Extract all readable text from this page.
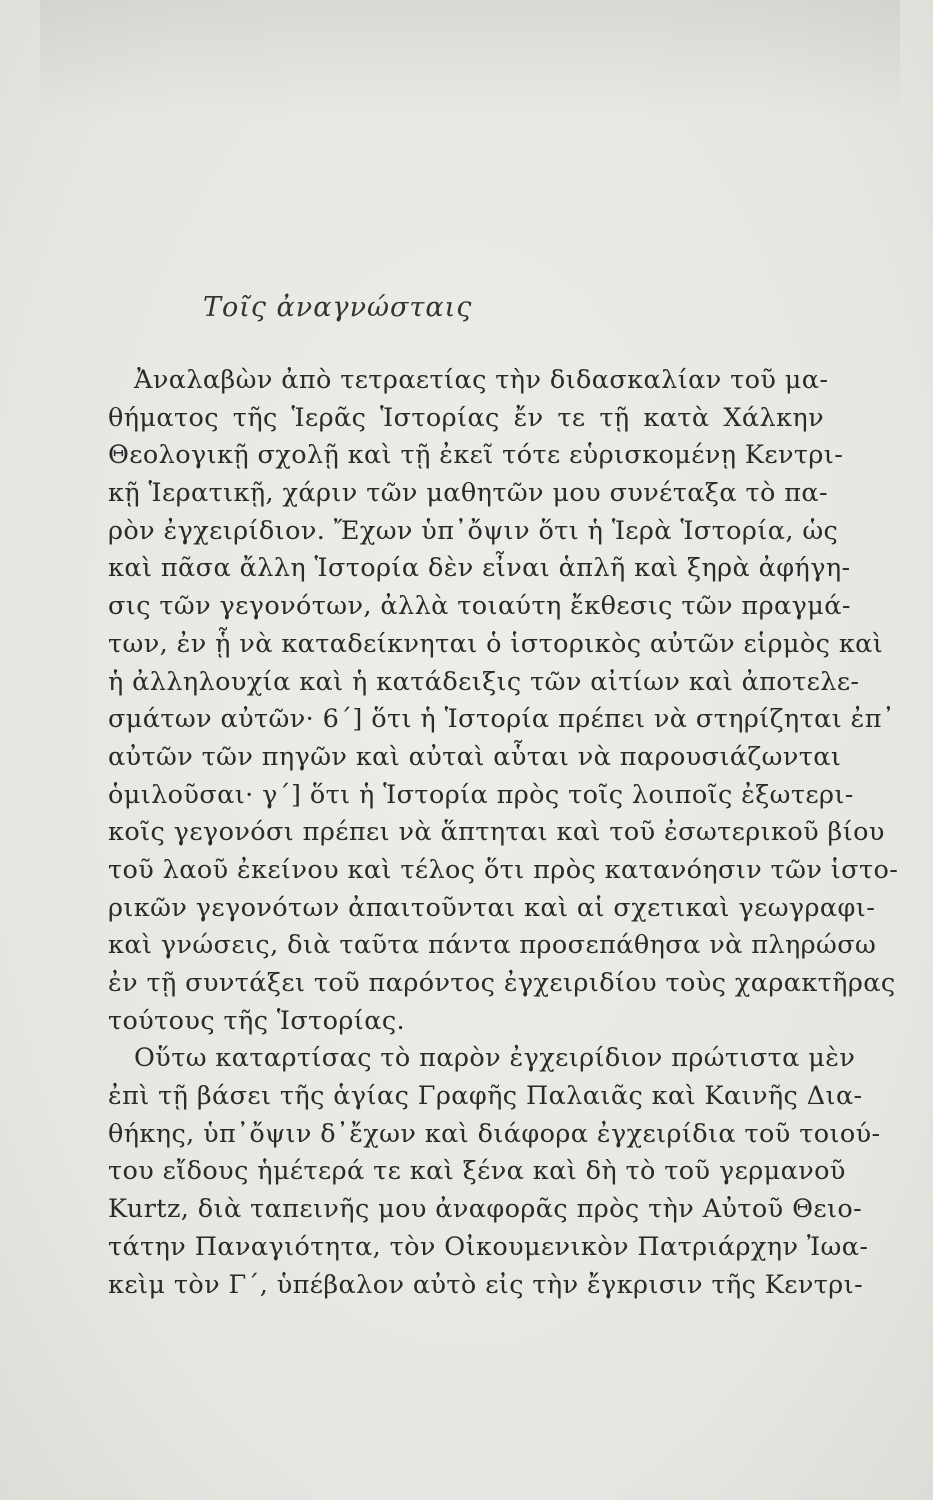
Τοῖς ἀναγνώσταις
Ἀναλαβὼν ἀπὸ τετραετίας τὴν διδασκαλίαν τοῦ μα-
θήματος τῆς Ἱερᾶς Ἱστορίας ἔν τε τῇ κατὰ Χάλκην
Θεολογικῇ σχολῇ καὶ τῇ ἐκεῖ τότε εὑρισκομένῃ Κεντρι-
κῇ Ἱερατικῇ, χάριν τῶν μαθητῶν μου συνέταξα τὸ πα-
ρὸν ἐγχειρίδιον. Ἔχων ὑπ᾿ὄψιν ὅτι ἡ Ἱερὰ Ἱστορία, ὡς
καὶ πᾶσα ἄλλη Ἱστορία δὲν εἶναι ἁπλῆ καὶ ξηρὰ ἀφήγη-
σις τῶν γεγονότων, ἀλλὰ τοιαύτη ἔκθεσις τῶν πραγμά-
των, ἐν ᾗ νὰ καταδείκνηται ὁ ἱστορικὸς αὐτῶν εἱρμὸς καὶ
ἡ ἀλληλουχία καὶ ἡ κατάδειξις τῶν αἰτίων καὶ ἀποτελε-
σμάτων αὐτῶν· 6΄] ὅτι ἡ Ἱστορία πρέπει νὰ στηρίζηται ἐπ᾿
αὐτῶν τῶν πηγῶν καὶ αὐταὶ αὗται νὰ παρουσιάζωνται
ὁμιλοῦσαι· γ΄] ὅτι ἡ Ἱστορία πρὸς τοῖς λοιποῖς ἐξωτερι-
κοῖς γεγονόσι πρέπει νὰ ἅπτηται καὶ τοῦ ἐσωτερικοῦ βίου
τοῦ λαοῦ ἐκείνου καὶ τέλος ὅτι πρὸς κατανόησιν τῶν ἱστο-
ρικῶν γεγονότων ἀπαιτοῦνται καὶ αἱ σχετικαὶ γεωγραφι-
καὶ γνώσεις, διὰ ταῦτα πάντα προσεπάθησα νὰ πληρώσω
ἐν τῇ συντάξει τοῦ παρόντος ἐγχειριδίου τοὺς χαρακτῆρας
τούτους τῆς Ἱστορίας.
Οὕτω καταρτίσας τὸ παρὸν ἐγχειρίδιον πρώτιστα μὲν
ἐπὶ τῇ βάσει τῆς ἁγίας Γραφῆς Παλαιᾶς καὶ Καινῆς Δια-
θήκης, ὑπ᾿ὄψιν δ᾿ἔχων καὶ διάφορα ἐγχειρίδια τοῦ τοιού-
του εἴδους ἡμέτερά τε καὶ ξένα καὶ δὴ τὸ τοῦ γερμανοῦ
Kurtz, διὰ ταπεινῆς μου ἀναφορᾶς πρὸς τὴν Αὐτοῦ Θειο-
τάτην Παναγιότητα, τὸν Οἰκουμενικὸν Πατριάρχην Ἰωα-
κεὶμ τὸν Γ΄, ὑπέβαλον αὐτὸ εἰς τὴν ἔγκρισιν τῆς Κεντρι-
